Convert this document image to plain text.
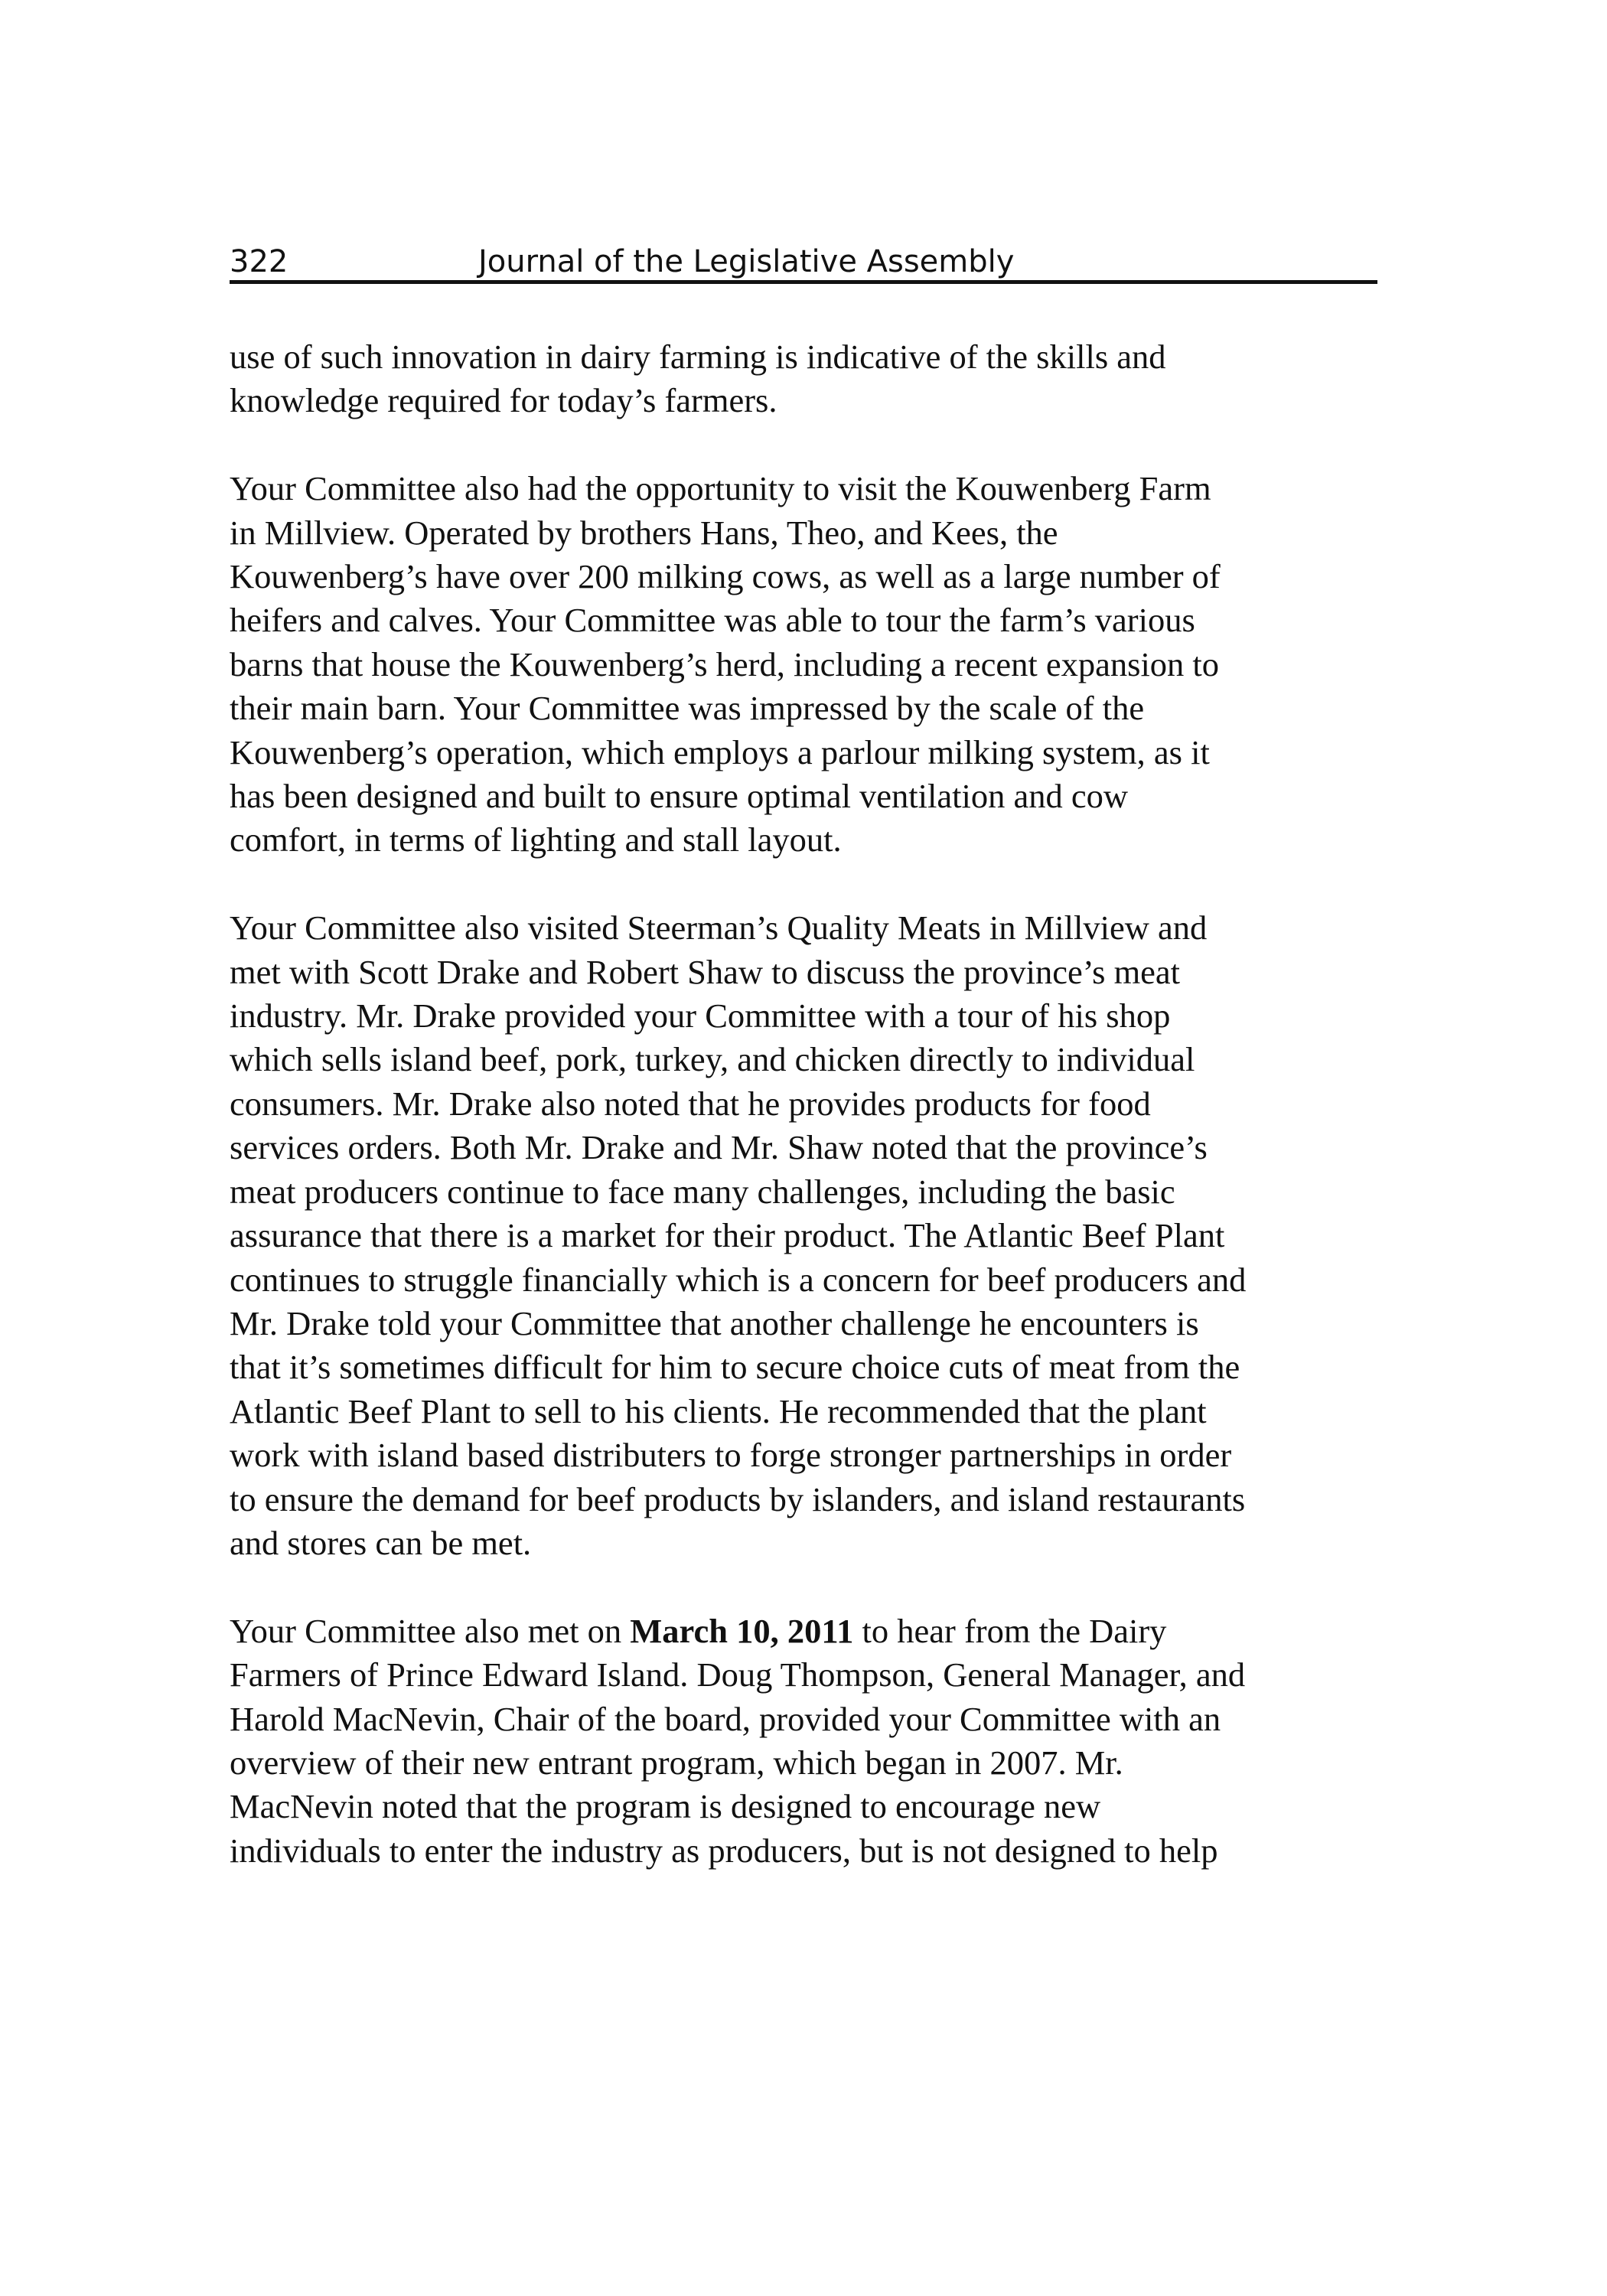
322	Journal of the Legislative Assembly

use of such innovation in dairy farming is indicative of the skills and
knowledge required for today’s farmers.

Your Committee also had the opportunity to visit the Kouwenberg Farm
in Millview. Operated by brothers Hans, Theo, and Kees, the
Kouwenberg’s have over 200 milking cows, as well as a large number of
heifers and calves. Your Committee was able to tour the farm’s various
barns that house the Kouwenberg’s herd, including a recent expansion to
their main barn. Your Committee was impressed by the scale of the
Kouwenberg’s operation, which employs a parlour milking system, as it
has been designed and built to ensure optimal ventilation and cow
comfort, in terms of lighting and stall layout.

Your Committee also visited Steerman’s Quality Meats in Millview and
met with Scott Drake and Robert Shaw to discuss the province’s meat
industry. Mr. Drake provided your Committee with a tour of his shop
which sells island beef, pork, turkey, and chicken directly to individual
consumers. Mr. Drake also noted that he provides products for food
services orders. Both Mr. Drake and Mr. Shaw noted that the province’s
meat producers continue to face many challenges, including the basic
assurance that there is a market for their product. The Atlantic Beef Plant
continues to struggle financially which is a concern for beef producers and
Mr. Drake told your Committee that another challenge he encounters is
that it’s sometimes difficult for him to secure choice cuts of meat from the
Atlantic Beef Plant to sell to his clients. He recommended that the plant
work with island based distributers to forge stronger partnerships in order
to ensure the demand for beef products by islanders, and island restaurants
and stores can be met.

Your Committee also met on March 10, 2011 to hear from the Dairy
Farmers of Prince Edward Island. Doug Thompson, General Manager, and
Harold MacNevin, Chair of the board, provided your Committee with an
overview of their new entrant program, which began in 2007. Mr.
MacNevin noted that the program is designed to encourage new
individuals to enter the industry as producers, but is not designed to help
